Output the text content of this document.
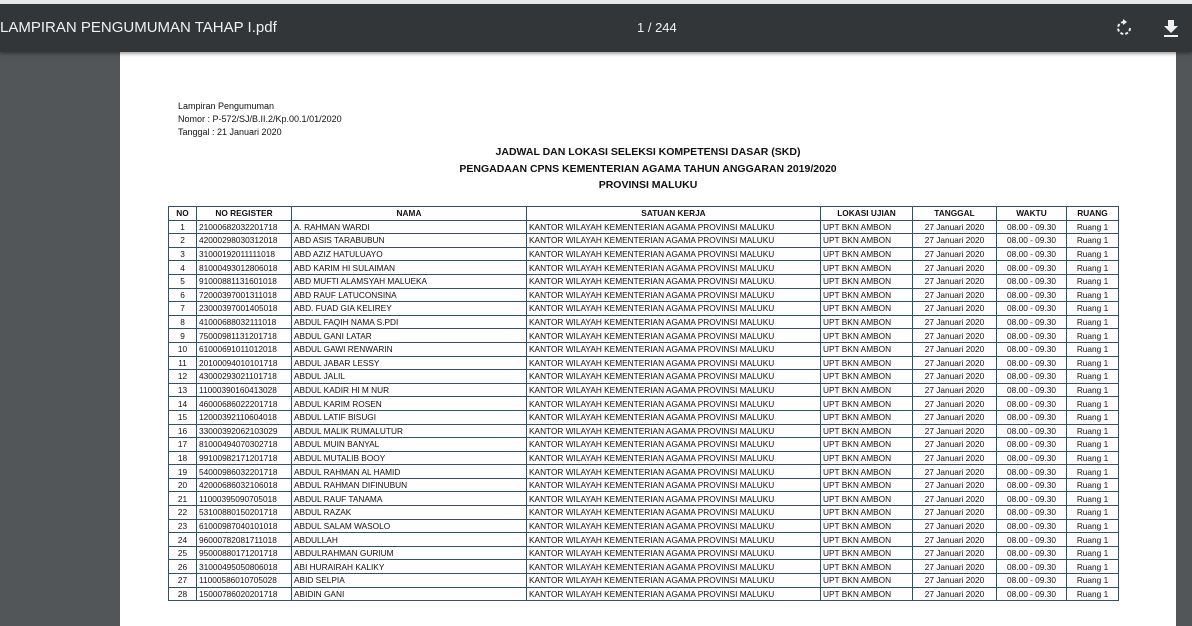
LAMPIRAN PENGUMUMAN TAHAP I.pdf	1 / 244
Lampiran Pengumuman
Nomor : P-572/SJ/B.II.2/Kp.00.1/01/2020
Tanggal : 21 Januari 2020
JADWAL DAN LOKASI SELEKSI KOMPETENSI DASAR (SKD)
PENGADAAN CPNS KEMENTERIAN AGAMA TAHUN ANGGARAN 2019/2020
PROVINSI MALUKU
NO	NO REGISTER	NAMA	SATUAN KERJA	LOKASI UJIAN	TANGGAL	WAKTU	RUANG
1	21000682032201718	A. RAHMAN WARDI	KANTOR WILAYAH KEMENTERIAN AGAMA PROVINSI MALUKU	UPT BKN AMBON	27 Januari 2020	08.00 - 09.30	Ruang 1
2	42000298030312018	ABD ASIS TARABUBUN	KANTOR WILAYAH KEMENTERIAN AGAMA PROVINSI MALUKU	UPT BKN AMBON	27 Januari 2020	08.00 - 09.30	Ruang 1
3	31000192011111018	ABD AZIZ HATULUAYO	KANTOR WILAYAH KEMENTERIAN AGAMA PROVINSI MALUKU	UPT BKN AMBON	27 Januari 2020	08.00 - 09.30	Ruang 1
4	81000493012806018	ABD KARIM HI SULAIMAN	KANTOR WILAYAH KEMENTERIAN AGAMA PROVINSI MALUKU	UPT BKN AMBON	27 Januari 2020	08.00 - 09.30	Ruang 1
5	91000881131601018	ABD MUFTI ALAMSYAH MALUEKA	KANTOR WILAYAH KEMENTERIAN AGAMA PROVINSI MALUKU	UPT BKN AMBON	27 Januari 2020	08.00 - 09.30	Ruang 1
6	72000397001311018	ABD RAUF LATUCONSINA	KANTOR WILAYAH KEMENTERIAN AGAMA PROVINSI MALUKU	UPT BKN AMBON	27 Januari 2020	08.00 - 09.30	Ruang 1
7	23000397001405018	ABD. FUAD GIA KELIREY	KANTOR WILAYAH KEMENTERIAN AGAMA PROVINSI MALUKU	UPT BKN AMBON	27 Januari 2020	08.00 - 09.30	Ruang 1
8	41000688032111018	ABDUL FAQIH NAMA S.PDI	KANTOR WILAYAH KEMENTERIAN AGAMA PROVINSI MALUKU	UPT BKN AMBON	27 Januari 2020	08.00 - 09.30	Ruang 1
9	75000981131201718	ABDUL GANI LATAR	KANTOR WILAYAH KEMENTERIAN AGAMA PROVINSI MALUKU	UPT BKN AMBON	27 Januari 2020	08.00 - 09.30	Ruang 1
10	61000691011012018	ABDUL GAWI RENWARIN	KANTOR WILAYAH KEMENTERIAN AGAMA PROVINSI MALUKU	UPT BKN AMBON	27 Januari 2020	08.00 - 09.30	Ruang 1
11	20100094010101718	ABDUL JABAR LESSY	KANTOR WILAYAH KEMENTERIAN AGAMA PROVINSI MALUKU	UPT BKN AMBON	27 Januari 2020	08.00 - 09.30	Ruang 1
12	43000293021101718	ABDUL JALIL	KANTOR WILAYAH KEMENTERIAN AGAMA PROVINSI MALUKU	UPT BKN AMBON	27 Januari 2020	08.00 - 09.30	Ruang 1
13	11000390160413028	ABDUL KADIR HI M NUR	KANTOR WILAYAH KEMENTERIAN AGAMA PROVINSI MALUKU	UPT BKN AMBON	27 Januari 2020	08.00 - 09.30	Ruang 1
14	46000686022201718	ABDUL KARIM ROSEN	KANTOR WILAYAH KEMENTERIAN AGAMA PROVINSI MALUKU	UPT BKN AMBON	27 Januari 2020	08.00 - 09.30	Ruang 1
15	12000392110604018	ABDUL LATIF BISUGI	KANTOR WILAYAH KEMENTERIAN AGAMA PROVINSI MALUKU	UPT BKN AMBON	27 Januari 2020	08.00 - 09.30	Ruang 1
16	33000392062103029	ABDUL MALIK RUMALUTUR	KANTOR WILAYAH KEMENTERIAN AGAMA PROVINSI MALUKU	UPT BKN AMBON	27 Januari 2020	08.00 - 09.30	Ruang 1
17	81000494070302718	ABDUL MUIN BANYAL	KANTOR WILAYAH KEMENTERIAN AGAMA PROVINSI MALUKU	UPT BKN AMBON	27 Januari 2020	08.00 - 09.30	Ruang 1
18	99100982171201718	ABDUL MUTALIB BOOY	KANTOR WILAYAH KEMENTERIAN AGAMA PROVINSI MALUKU	UPT BKN AMBON	27 Januari 2020	08.00 - 09.30	Ruang 1
19	54000986032201718	ABDUL RAHMAN AL HAMID	KANTOR WILAYAH KEMENTERIAN AGAMA PROVINSI MALUKU	UPT BKN AMBON	27 Januari 2020	08.00 - 09.30	Ruang 1
20	42000686032106018	ABDUL RAHMAN DIFINUBUN	KANTOR WILAYAH KEMENTERIAN AGAMA PROVINSI MALUKU	UPT BKN AMBON	27 Januari 2020	08.00 - 09.30	Ruang 1
21	11000395090705018	ABDUL RAUF TANAMA	KANTOR WILAYAH KEMENTERIAN AGAMA PROVINSI MALUKU	UPT BKN AMBON	27 Januari 2020	08.00 - 09.30	Ruang 1
22	53100880150201718	ABDUL RAZAK	KANTOR WILAYAH KEMENTERIAN AGAMA PROVINSI MALUKU	UPT BKN AMBON	27 Januari 2020	08.00 - 09.30	Ruang 1
23	61000987040101018	ABDUL SALAM WASOLO	KANTOR WILAYAH KEMENTERIAN AGAMA PROVINSI MALUKU	UPT BKN AMBON	27 Januari 2020	08.00 - 09.30	Ruang 1
24	96000782081711018	ABDULLAH	KANTOR WILAYAH KEMENTERIAN AGAMA PROVINSI MALUKU	UPT BKN AMBON	27 Januari 2020	08.00 - 09.30	Ruang 1
25	95000880171201718	ABDULRAHMAN GURIUM	KANTOR WILAYAH KEMENTERIAN AGAMA PROVINSI MALUKU	UPT BKN AMBON	27 Januari 2020	08.00 - 09.30	Ruang 1
26	31000495050806018	ABI HURAIRAH KALIKY	KANTOR WILAYAH KEMENTERIAN AGAMA PROVINSI MALUKU	UPT BKN AMBON	27 Januari 2020	08.00 - 09.30	Ruang 1
27	11000586010705028	ABID SELPIA	KANTOR WILAYAH KEMENTERIAN AGAMA PROVINSI MALUKU	UPT BKN AMBON	27 Januari 2020	08.00 - 09.30	Ruang 1
28	15000786020201718	ABIDIN GANI	KANTOR WILAYAH KEMENTERIAN AGAMA PROVINSI MALUKU	UPT BKN AMBON	27 Januari 2020	08.00 - 09.30	Ruang 1
